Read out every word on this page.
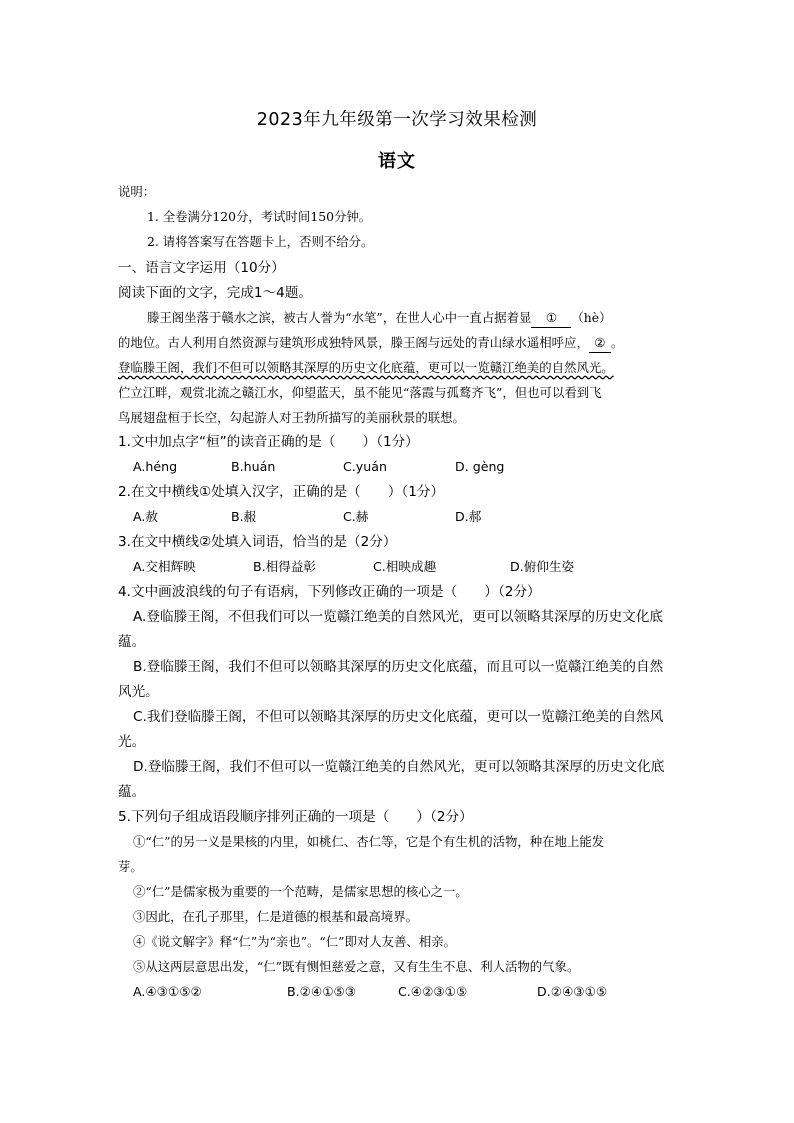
2023年九年级第一次学习效果检测
语文
说明：
1. 全卷满分120分，考试时间150分钟。
2. 请将答案写在答题卡上，否则不给分。
一、语言文字运用（10分）
阅读下面的文字，完成1～4题。
滕王阁坐落于赣水之滨，被古人誉为“水笔”，在世人心中一直占据着显 ① （hè）
的地位。古人利用自然资源与建筑形成独特风景，滕王阁与远处的青山绿水遥相呼应， ② 。
登临滕王阁，我们不但可以领略其深厚的历史文化底蕴，更可以一览赣江绝美的自然风光。
伫立江畔，观赏北流之赣江水，仰望蓝天，虽不能见“落霞与孤鹜齐飞”，但也可以看到飞
鸟展翅盘桓于长空，勾起游人对王勃所描写的美丽秋景的联想。
1.文中加点字“桓”的读音正确的是（　　）（1分）
A.héng	B.huán	C.yuán	D. gèng
2.在文中横线①处填入汉字，正确的是（　　）（1分）
A.赦	B.赧	C.赫	D.郝
3.在文中横线②处填入词语，恰当的是（2分）
A.交相辉映	B.相得益彰	C.相映成趣	D.俯仰生姿
4.文中画波浪线的句子有语病，下列修改正确的一项是（　　）（2分）
A.登临滕王阁，不但我们可以一览赣江绝美的自然风光，更可以领略其深厚的历史文化底
蕴。
B.登临滕王阁，我们不但可以领略其深厚的历史文化底蕴，而且可以一览赣江绝美的自然
风光。
C.我们登临滕王阁，不但可以领略其深厚的历史文化底蕴，更可以一览赣江绝美的自然风
光。
D.登临滕王阁，我们不但可以一览赣江绝美的自然风光，更可以领略其深厚的历史文化底
蕴。
5.下列句子组成语段顺序排列正确的一项是（　　）（2分）
①“仁”的另一义是果核的内里，如桃仁、杏仁等，它是个有生机的活物，种在地上能发
芽。
②“仁”是儒家极为重要的一个范畴，是儒家思想的核心之一。
③因此，在孔子那里，仁是道德的根基和最高境界。
④《说文解字》释“仁”为“亲也”。“仁”即对人友善、相亲。
⑤从这两层意思出发，“仁”既有恻怛慈爱之意，又有生生不息、利人活物的气象。
A.④③①⑤②	B.②④①⑤③	C.④②③①⑤	D.②④③①⑤
